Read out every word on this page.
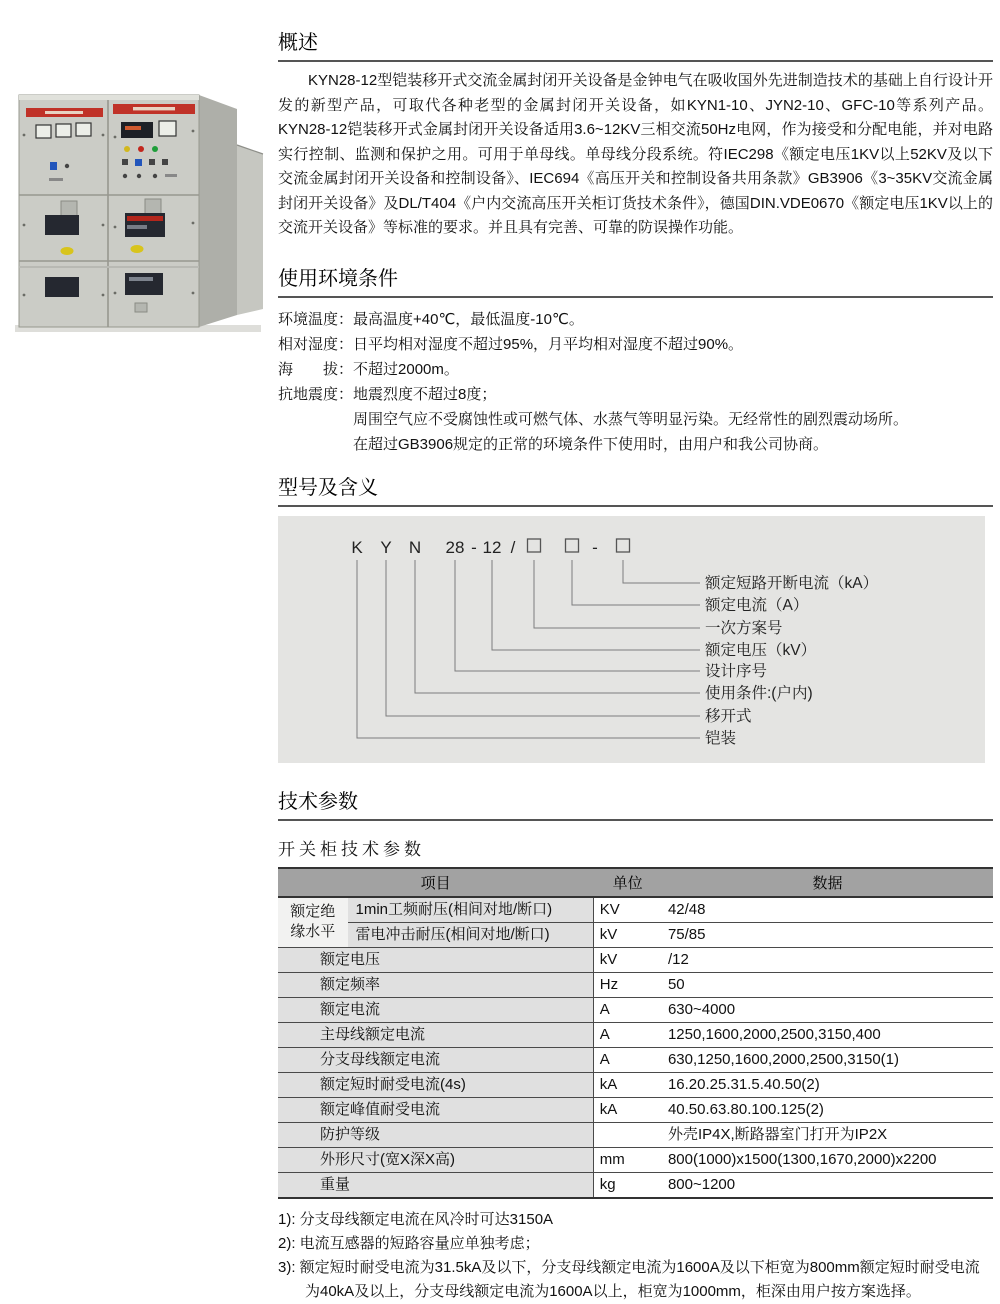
概述

KYN28-12型铠装移开式交流金属封闭开关设备是金钟电气在吸收国外先进制造技术的基础上自行设计开发的新型产品，可取代各种老型的金属封闭开关设备，如KYN1-10、JYN2-10、GFC-10等系列产品。KYN28-12铠装移开式金属封闭开关设备适用3.6~12KV三相交流50Hz电网，作为接受和分配电能，并对电路实行控制、监测和保护之用。可用于单母线。单母线分段系统。符IEC298《额定电压1KV以上52KV及以下交流金属封闭开关设备和控制设备》、IEC694《高压开关和控制设备共用条款》GB3906《3~35KV交流金属封闭开关设备》及DL/T404《户内交流高压开关柜订货技术条件》，德国DIN.VDE0670《额定电压1KV以上的交流开关设备》等标准的要求。并且具有完善、可靠的防误操作功能。

使用环境条件
环境温度：最高温度+40℃，最低温度-10℃。
相对湿度：日平均相对湿度不超过95%，月平均相对湿度不超过90%。
海　　拔：不超过2000m。
抗地震度：地震烈度不超过8度；
周围空气应不受腐蚀性或可燃气体、水蒸气等明显污染。无经常性的剧烈震动场所。
在超过GB3906规定的正常的环境条件下使用时，由用户和我公司协商。
型号及含义
K Y N 28 - 12 /	-
额定短路开断电流（kA）
额定电流（A）
一次方案号
额定电压（kV）
设计序号
使用条件:(户内)
移开式
铠装
技术参数
开关柜技术参数
项目		单位	数据
额定绝缘水平	1min工频耐压(相间对地/断口)	KV	42/48
	雷电冲击耐压(相间对地/断口)	kV	75/85
额定电压		kV	/12
额定频率		Hz	50
额定电流		A	630~4000
主母线额定电流		A	1250,1600,2000,2500,3150,400
分支母线额定电流		A	630,1250,1600,2000,2500,3150(1)
额定短时耐受电流(4s)		kA	16.20.25.31.5.40.50(2)
额定峰值耐受电流		kA	40.50.63.80.100.125(2)
防护等级			外壳IP4X,断路器室门打开为IP2X
外形尺寸(宽X深X高)		mm	800(1000)x1500(1300,1670,2000)x2200
重量		kg	800~1200

1): 分支母线额定电流在风冷时可达3150A

2): 电流互感器的短路容量应单独考虑；

3): 额定短时耐受电流为31.5kA及以下，分支母线额定电流为1600A及以下柜宽为800mm额定短时耐受电流为40kA及以上，分支母线额定电流为1600A以上，柜宽为1000mm，柜深由用户按方案选择。
